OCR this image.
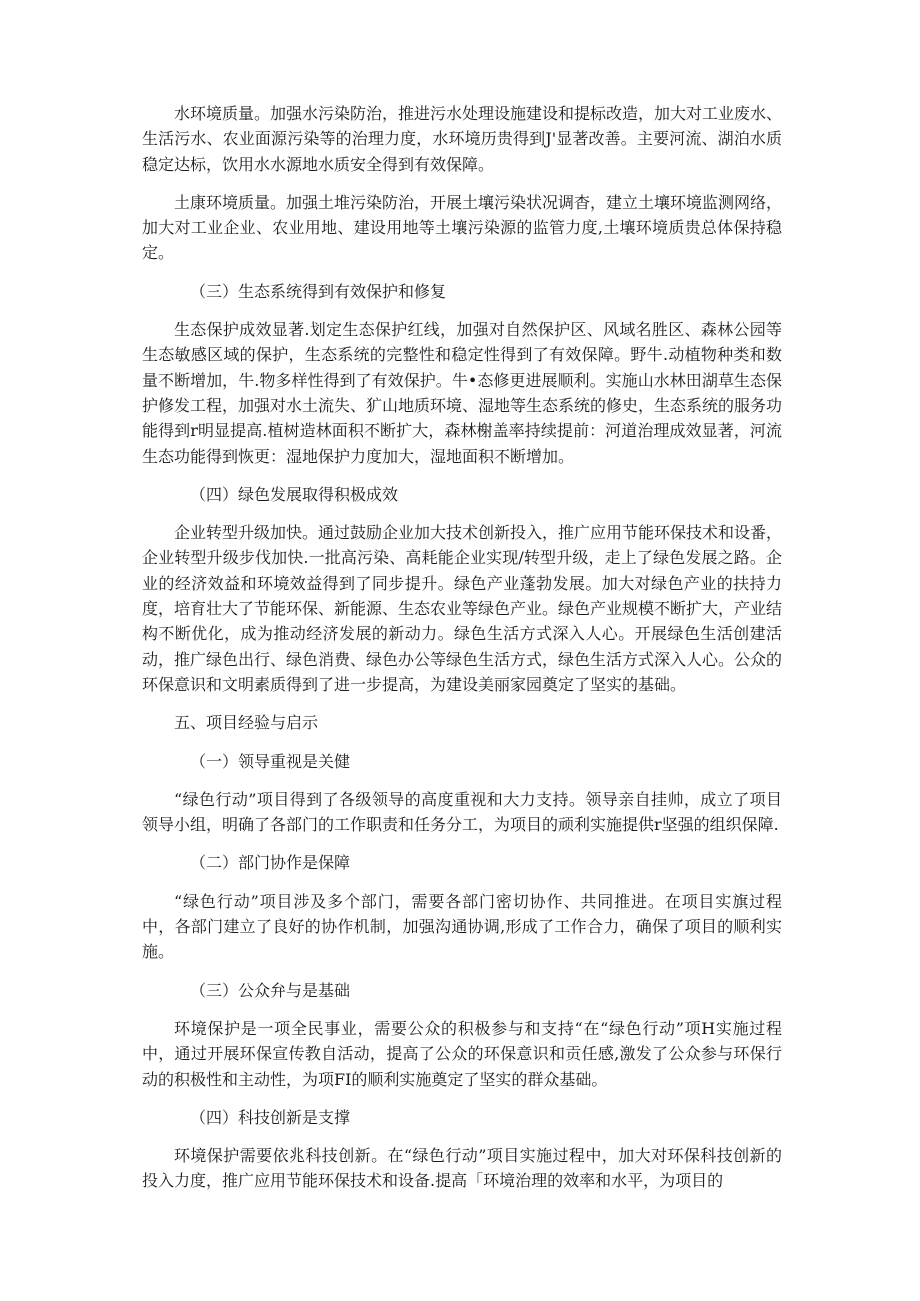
水环境质量。加强水污染防治，推进污水处理设施建设和提标改造，加大对工业废水、生活污水、农业面源污染等的治理力度，水环境历贵得到J'显著改善。主要河流、湖泊水质稳定达标，饮用水水源地水质安全得到有效保障。

土康环境质量。加强土堆污染防治，开展土壤污染状况调杳，建立土壤环境监测网络，加大对工业企业、农业用地、建设用地等土壤污染源的监管力度,土壤环境质贵总体保持稳定。

（三）生态系统得到有效保护和修复

生态保护成效显著.划定生态保护红线，加强对自然保护区、风域名胜区、森林公园等生态敏感区域的保护，生态系统的完整性和稳定性得到了有效保障。野牛.动植物种类和数量不断增加，牛.物多样性得到了有效保护。牛•态修更进展顺利。实施山水林田湖草生态保护修发工程，加强对水土流失、犷山地质环境、湿地等生态系统的修史，生态系统的服务功能得到r明显提高.植树造林面积不断扩大，森林榭盖率持续提前：河道治理成效显著，河流生态功能得到恢更：湿地保护力度加大，湿地面积不断增加。

（四）绿色发展取得积极成效

企业转型升级加快。通过鼓励企业加大技术创新投入，推广应用节能环保技术和设番，企业转型升级步伐加快.一批高污染、高耗能企业实现/转型升级，走上了绿色发展之路。企业的经济效益和环境效益得到了同步提升。绿色产业蓬勃发展。加大对绿色产业的扶持力度，培育壮大了节能环保、新能源、生态农业等绿色产业。绿色产业规模不断扩大，产业结构不断优化，成为推动经济发展的新动力。绿色生活方式深入人心。开展绿色生活创建活动，推广绿色出行、绿色消费、绿色办公等绿色生活方式，绿色生活方式深入人心。公众的环保意识和文明素质得到了进一步提高，为建设美丽家园奠定了坚实的基础。

五、项目经验与启示

（一）领导重视是关健

“绿色行动”项目得到了各级领导的高度重视和大力支持。领导亲自挂帅，成立了项目领导小组，明确了各部门的工作职责和任务分工，为项目的顽利实施提供r坚强的组织保障.

（二）部门协作是保障

“绿色行动”项目涉及多个部门，需要各部门密切协作、共同推进。在项目实旗过程中，各部门建立了良好的协作机制，加强沟通协调,形成了工作合力，确保了项目的顺利实施。

（三）公众弁与是基础

环境保护是一项全民事业，需要公众的积极参与和支持“在“绿色行动”项H实施过程中，通过开展环保宣传教自活动，提高了公众的环保意识和贡任感,激发了公众参与环保行动的积极性和主动性，为项FI的顺利实施奠定了坚实的群众基础。

（四）科技创新是支撑

环境保护需要依兆科技创新。在“绿色行动”项目实施过程中，加大对环保科技创新的投入力度，推广应用节能环保技术和设备.提高「环境治理的效率和水平，为项目的
